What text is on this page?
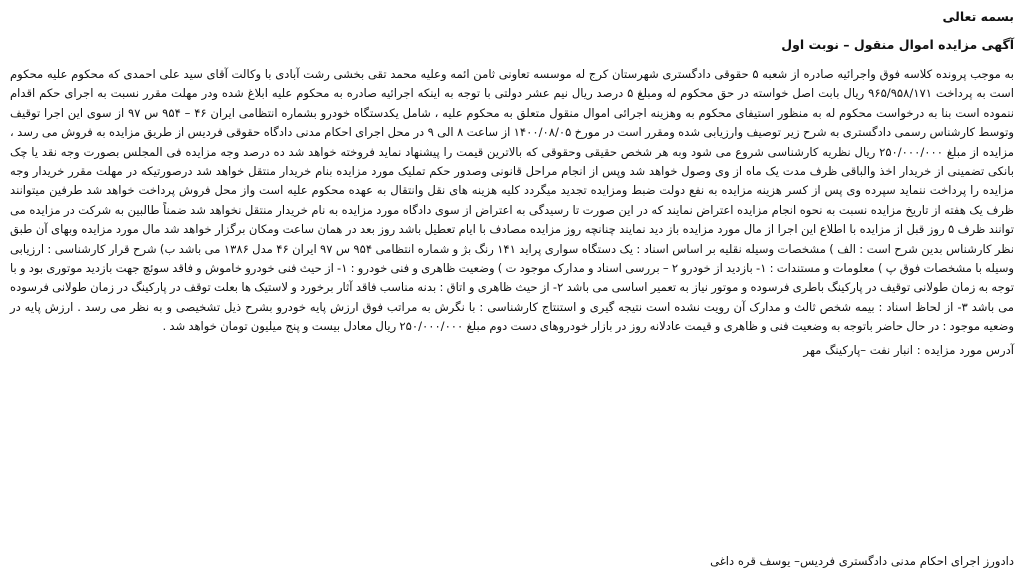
بسمه تعالی
آگهی مزایده اموال منقول – نوبت اول

به موجب پرونده کلاسه فوق واجرائیه صادره از شعبه ۵ حقوقی دادگستری شهرستان کرج له موسسه تعاونی ثامن ائمه وعلیه محمد تقی بخشی رشت آبادی با وکالت آقای سید علی احمدی که محکوم علیه محکوم است به پرداخت ۹۶۵/۹۵۸/۱۷۱ ریال بابت اصل خواسته در حق محکوم له ومبلغ ۵ درصد ریال نیم عشر دولتی با توجه به اینکه اجرائیه صادره به محکوم علیه ابلاغ شده ودر مهلت مقرر نسبت به اجرای حکم اقدام ننموده است بنا به درخواست محکوم له به منظور استیفای محکوم به وهزینه اجرائی اموال منقول متعلق به محکوم علیه ، شامل یکدستگاه خودرو بشماره انتظامی ایران ۴۶ – ۹۵۴ س ۹۷ از سوی این اجرا توقیف وتوسط کارشناس رسمی دادگستری به شرح زیر توصیف وارزیابی شده ومقرر است در مورخ ۱۴۰۰/۰۸/۰۵ از ساعت ۸ الی ۹ در محل اجرای احکام مدنی دادگاه حقوقی فردیس از طریق مزایده به فروش می رسد ، مزایده از مبلغ ۲۵۰/۰۰۰/۰۰۰ ریال نظریه کارشناسی شروع می شود وبه هر شخص حقیقی وحقوقی که بالاترین قیمت را پیشنهاد نماید فروخته خواهد شد ده درصد وجه مزایده فی المجلس بصورت وجه نقد یا چک بانکی تضمینی از خریدار اخذ والباقی ظرف مدت یک ماه از وی وصول خواهد شد وپس از انجام مراحل قانونی وصدور حکم تملیک مورد مزایده بنام خریدار منتقل خواهد شد درصورتیکه در مهلت مقرر خریدار وجه مزایده را پرداخت ننماید سپرده وی پس از کسر هزینه مزایده به نفع دولت ضبط ومزایده تجدید میگردد کلیه هزینه های نقل وانتقال به عهده محکوم علیه است واز محل فروش پرداخت خواهد شد طرفین میتوانند ظرف یک هفته از تاریخ مزایده نسبت به نحوه انجام مزایده اعتراض نمایند که در این صورت تا رسیدگی به اعتراض از سوی دادگاه مورد مزایده به نام خریدار منتقل نخواهد شد ضمناً طالبین به شرکت در مزایده می توانند ظرف ۵ روز قبل از مزایده با اطلاع این اجرا از مال مورد مزایده باز دید نمایند چنانچه روز مزایده مصادف با ایام تعطیل باشد روز بعد در همان ساعت ومکان برگزار خواهد شد مال مورد مزایده وبهای آن طبق نظر کارشناس بدین شرح است : الف ) مشخصات وسیله نقلیه بر اساس اسناد : یک دستگاه سواری پراید ۱۴۱ رنگ بژ و شماره انتظامی ۹۵۴ س ۹۷ ایران ۴۶ مدل ۱۳۸۶ می باشد ب) شرح قرار کارشناسی : ارزیابی وسیله با مشخصات فوق پ ) معلومات و مستندات : ۱- بازدید از خودرو ۲ – بررسی اسناد و مدارک موجود ت ) وضعیت ظاهری و فنی خودرو : ۱- از حیث فنی خودرو خاموش و فاقد سوئچ جهت بازدید موتوری بود و با توجه به زمان طولانی توقیف در پارکینگ باطری فرسوده و موتور نیاز به تعمیر اساسی می باشد ۲- از حیث ظاهری و اتاق : بدنه مناسب فاقد آثار برخورد و لاستیک ها بعلت توقف در پارکینگ در زمان طولانی فرسوده می باشد ۳- از لحاظ اسناد : بیمه شخص ثالث و مدارک آن رویت نشده است نتیجه گیری و استنتاج کارشناسی : با نگرش به مراتب فوق ارزش پایه خودرو بشرح ذیل تشخیصی و به نظر می رسد . ارزش پایه در وضعیه موجود : در حال حاضر باتوجه به وضعیت فنی و ظاهری و قیمت عادلانه روز در بازار خودروهای دست دوم مبلغ ۲۵۰/۰۰۰/۰۰۰ ریال معادل بیست و پنج میلیون تومان خواهد شد .

آدرس مورد مزایده : انبار نفت –پارکینگ مهر
دادورز اجرای احکام مدنی دادگستری فردیس– یوسف قره داغی
